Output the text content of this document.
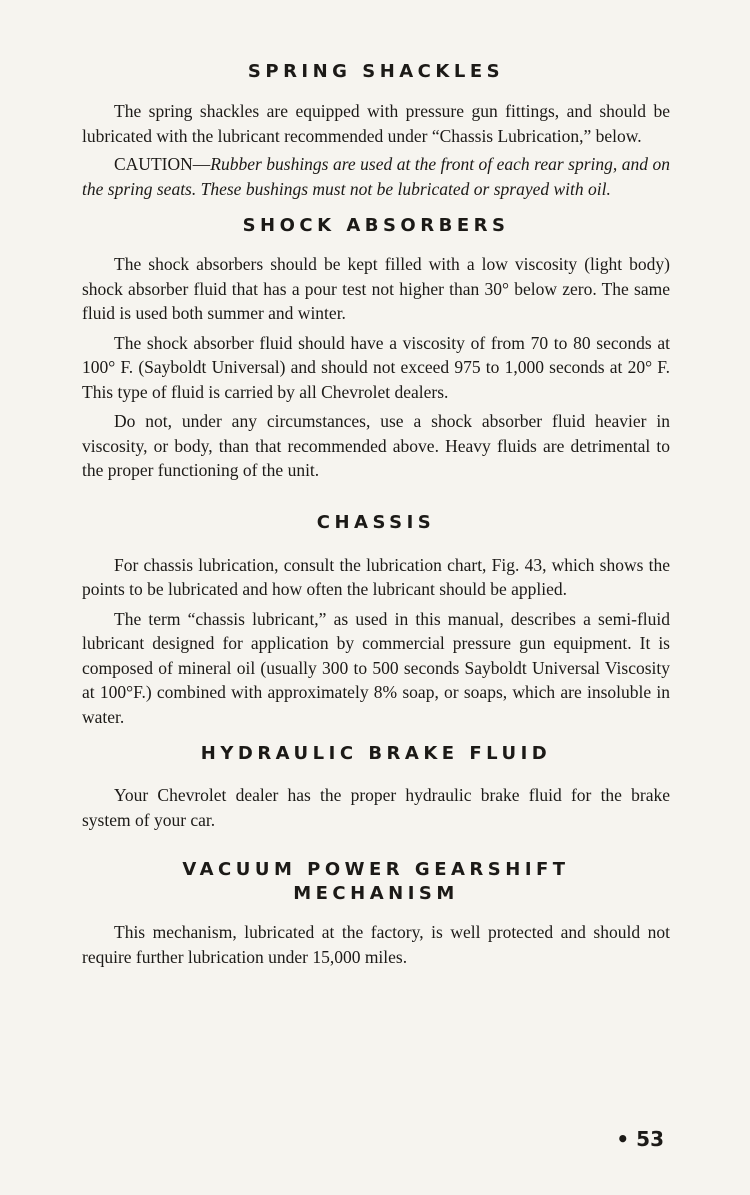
SPRING SHACKLES

The spring shackles are equipped with pressure gun fittings, and should be lubricated with the lubricant recommended under “Chassis Lubrication,” below.

CAUTION—Rubber bushings are used at the front of each rear spring, and on the spring seats. These bushings must not be lubricated or sprayed with oil.

SHOCK ABSORBERS

The shock absorbers should be kept filled with a low viscosity (light body) shock absorber fluid that has a pour test not higher than 30° below zero. The same fluid is used both summer and winter.

The shock absorber fluid should have a viscosity of from 70 to 80 seconds at 100° F. (Sayboldt Universal) and should not exceed 975 to 1,000 seconds at 20° F. This type of fluid is carried by all Chevrolet dealers.

Do not, under any circumstances, use a shock absorber fluid heavier in viscosity, or body, than that recommended above. Heavy fluids are detrimental to the proper functioning of the unit.

CHASSIS

For chassis lubrication, consult the lubrication chart, Fig. 43, which shows the points to be lubricated and how often the lubricant should be applied.

The term “chassis lubricant,” as used in this manual, describes a semi-fluid lubricant designed for application by commercial pressure gun equipment. It is composed of mineral oil (usually 300 to 500 seconds Sayboldt Universal Viscosity at 100°F.) combined with approximately 8% soap, or soaps, which are insoluble in water.

HYDRAULIC BRAKE FLUID

Your Chevrolet dealer has the proper hydraulic brake fluid for the brake system of your car.

VACUUM POWER GEARSHIFT
MECHANISM

This mechanism, lubricated at the factory, is well protected and should not require further lubrication under 15,000 miles.

• 53
